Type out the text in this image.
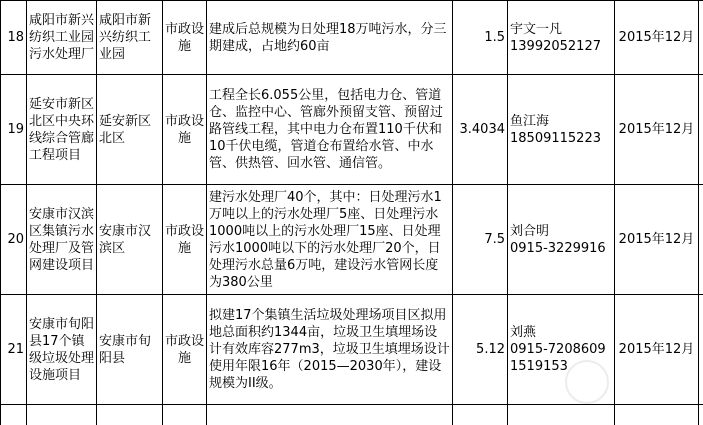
18
咸阳市新兴纺织工业园污水处理厂
咸阳市新兴纺织工业园
市政设施
建成后总规模为日处理18万吨污水，分三期建成，占地约60亩
1.5
宇文一凡
13992052127
2015年12月
19
延安市新区北区中央环线综合管廊工程项目
延安新区北区
市政设施
工程全长6.055公里，包括电力仓、管道仓、监控中心、管廊外预留支管、预留过路管线工程，其中电力仓布置110千伏和10千伏电缆，管道仓布置给水管、中水管、供热管、回水管、通信管。
3.4034
鱼江海
18509115223
2015年12月
20
安康市汉滨区集镇污水处理厂及管网建设项目
安康市汉滨区
市政设施
建污水处理厂40个，其中：日处理污水1万吨以上的污水处理厂5座、日处理污水1000吨以上的污水处理厂15座、日处理污水1000吨以下的污水处理厂20个，日处理污水总量6万吨，建设污水管网长度为380公里
7.5
刘合明
0915-3229916
2015年12月
21
安康市旬阳县17个镇级垃圾处理设施项目
安康市旬阳县
市政设施
拟建17个集镇生活垃圾处理场项目区拟用地总面积约1344亩，垃圾卫生填埋场设计有效库容277m3，垃圾卫生填埋场设计使用年限16年（2015—2030年），建设规模为II级。
5.12
刘燕
0915-7208609
1519153
2015年12月
